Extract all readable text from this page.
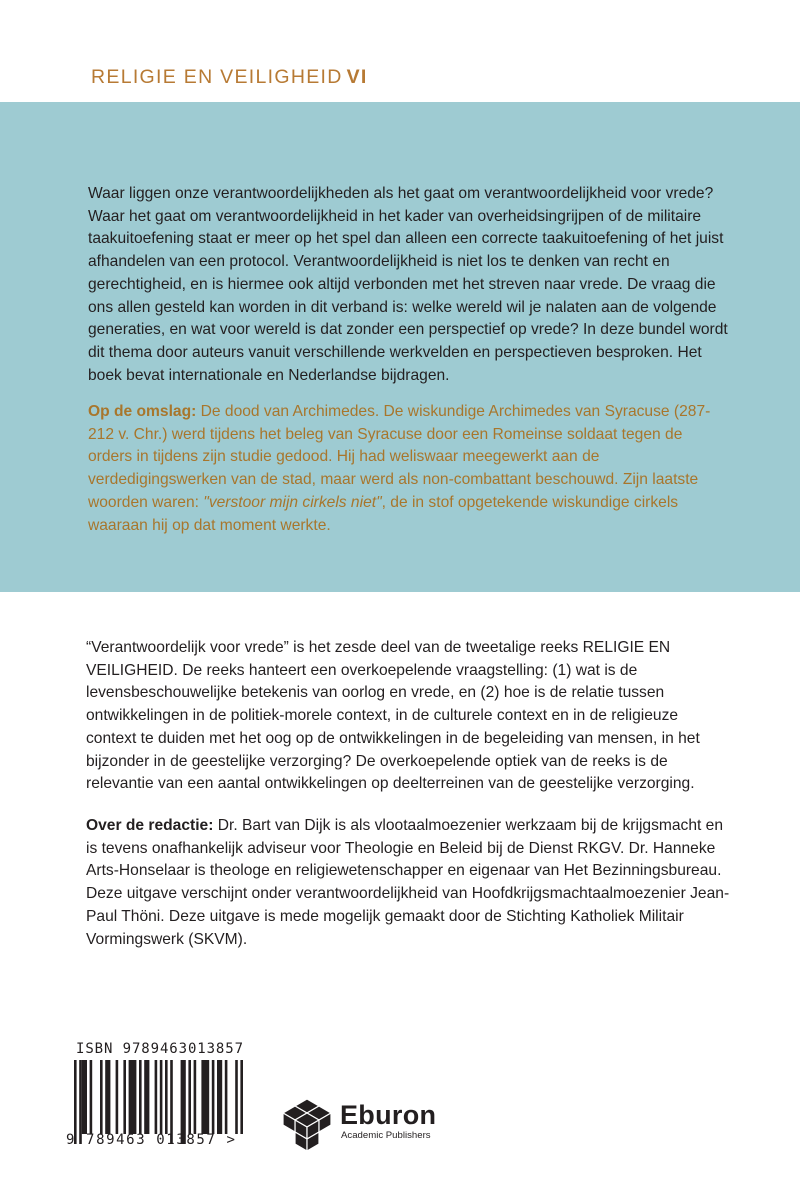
RELIGIE EN VEILIGHEID VI

Waar liggen onze verantwoordelijkheden als het gaat om verantwoordelijkheid voor vrede? Waar het gaat om verantwoordelijkheid in het kader van overheidsingrijpen of de militaire taakuitoefening staat er meer op het spel dan alleen een correcte taakuitoefening of het juist afhandelen van een protocol. Verantwoordelijkheid is niet los te denken van recht en gerechtigheid, en is hiermee ook altijd verbonden met het streven naar vrede. De vraag die ons allen gesteld kan worden in dit verband is: welke wereld wil je nalaten aan de volgende generaties, en wat voor wereld is dat zonder een perspectief op vrede? In deze bundel wordt dit thema door auteurs vanuit verschillende werkvelden en perspectieven besproken. Het boek bevat internationale en Nederlandse bijdragen.

Op de omslag: De dood van Archimedes. De wiskundige Archimedes van Syracuse (287-212 v. Chr.) werd tijdens het beleg van Syracuse door een Romeinse soldaat tegen de orders in tijdens zijn studie gedood. Hij had weliswaar meegewerkt aan de verdedigingswerken van de stad, maar werd als non-combattant beschouwd. Zijn laatste woorden waren: "verstoor mijn cirkels niet", de in stof opgetekende wiskundige cirkels waaraan hij op dat moment werkte.

“Verantwoordelijk voor vrede” is het zesde deel van de tweetalige reeks RELIGIE EN VEILIGHEID. De reeks hanteert een overkoepelende vraagstelling: (1) wat is de levensbeschouwelijke betekenis van oorlog en vrede, en (2) hoe is de relatie tussen ontwikkelingen in de politiek-morele context, in de culturele context en in de religieuze context te duiden met het oog op de ontwikkelingen in de begeleiding van mensen, in het bijzonder in de geestelijke verzorging? De overkoepelende optiek van de reeks is de relevantie van een aantal ontwikkelingen op deelterreinen van de geestelijke verzorging.

Over de redactie: Dr. Bart van Dijk is als vlootaalmoezenier werkzaam bij de krijgsmacht en is tevens onafhankelijk adviseur voor Theologie en Beleid bij de Dienst RKGV. Dr. Hanneke Arts-Honselaar is theologe en religiewetenschapper en eigenaar van Het Bezinningsbureau. Deze uitgave verschijnt onder verantwoordelijkheid van Hoofdkrijgsmachtaalmoezenier Jean-Paul Thöni. Deze uitgave is mede mogelijk gemaakt door de Stichting Katholiek Militair Vormingswerk (SKVM).

ISBN 9789463013857
9 789463 013857 >
Eburon
Academic Publishers
